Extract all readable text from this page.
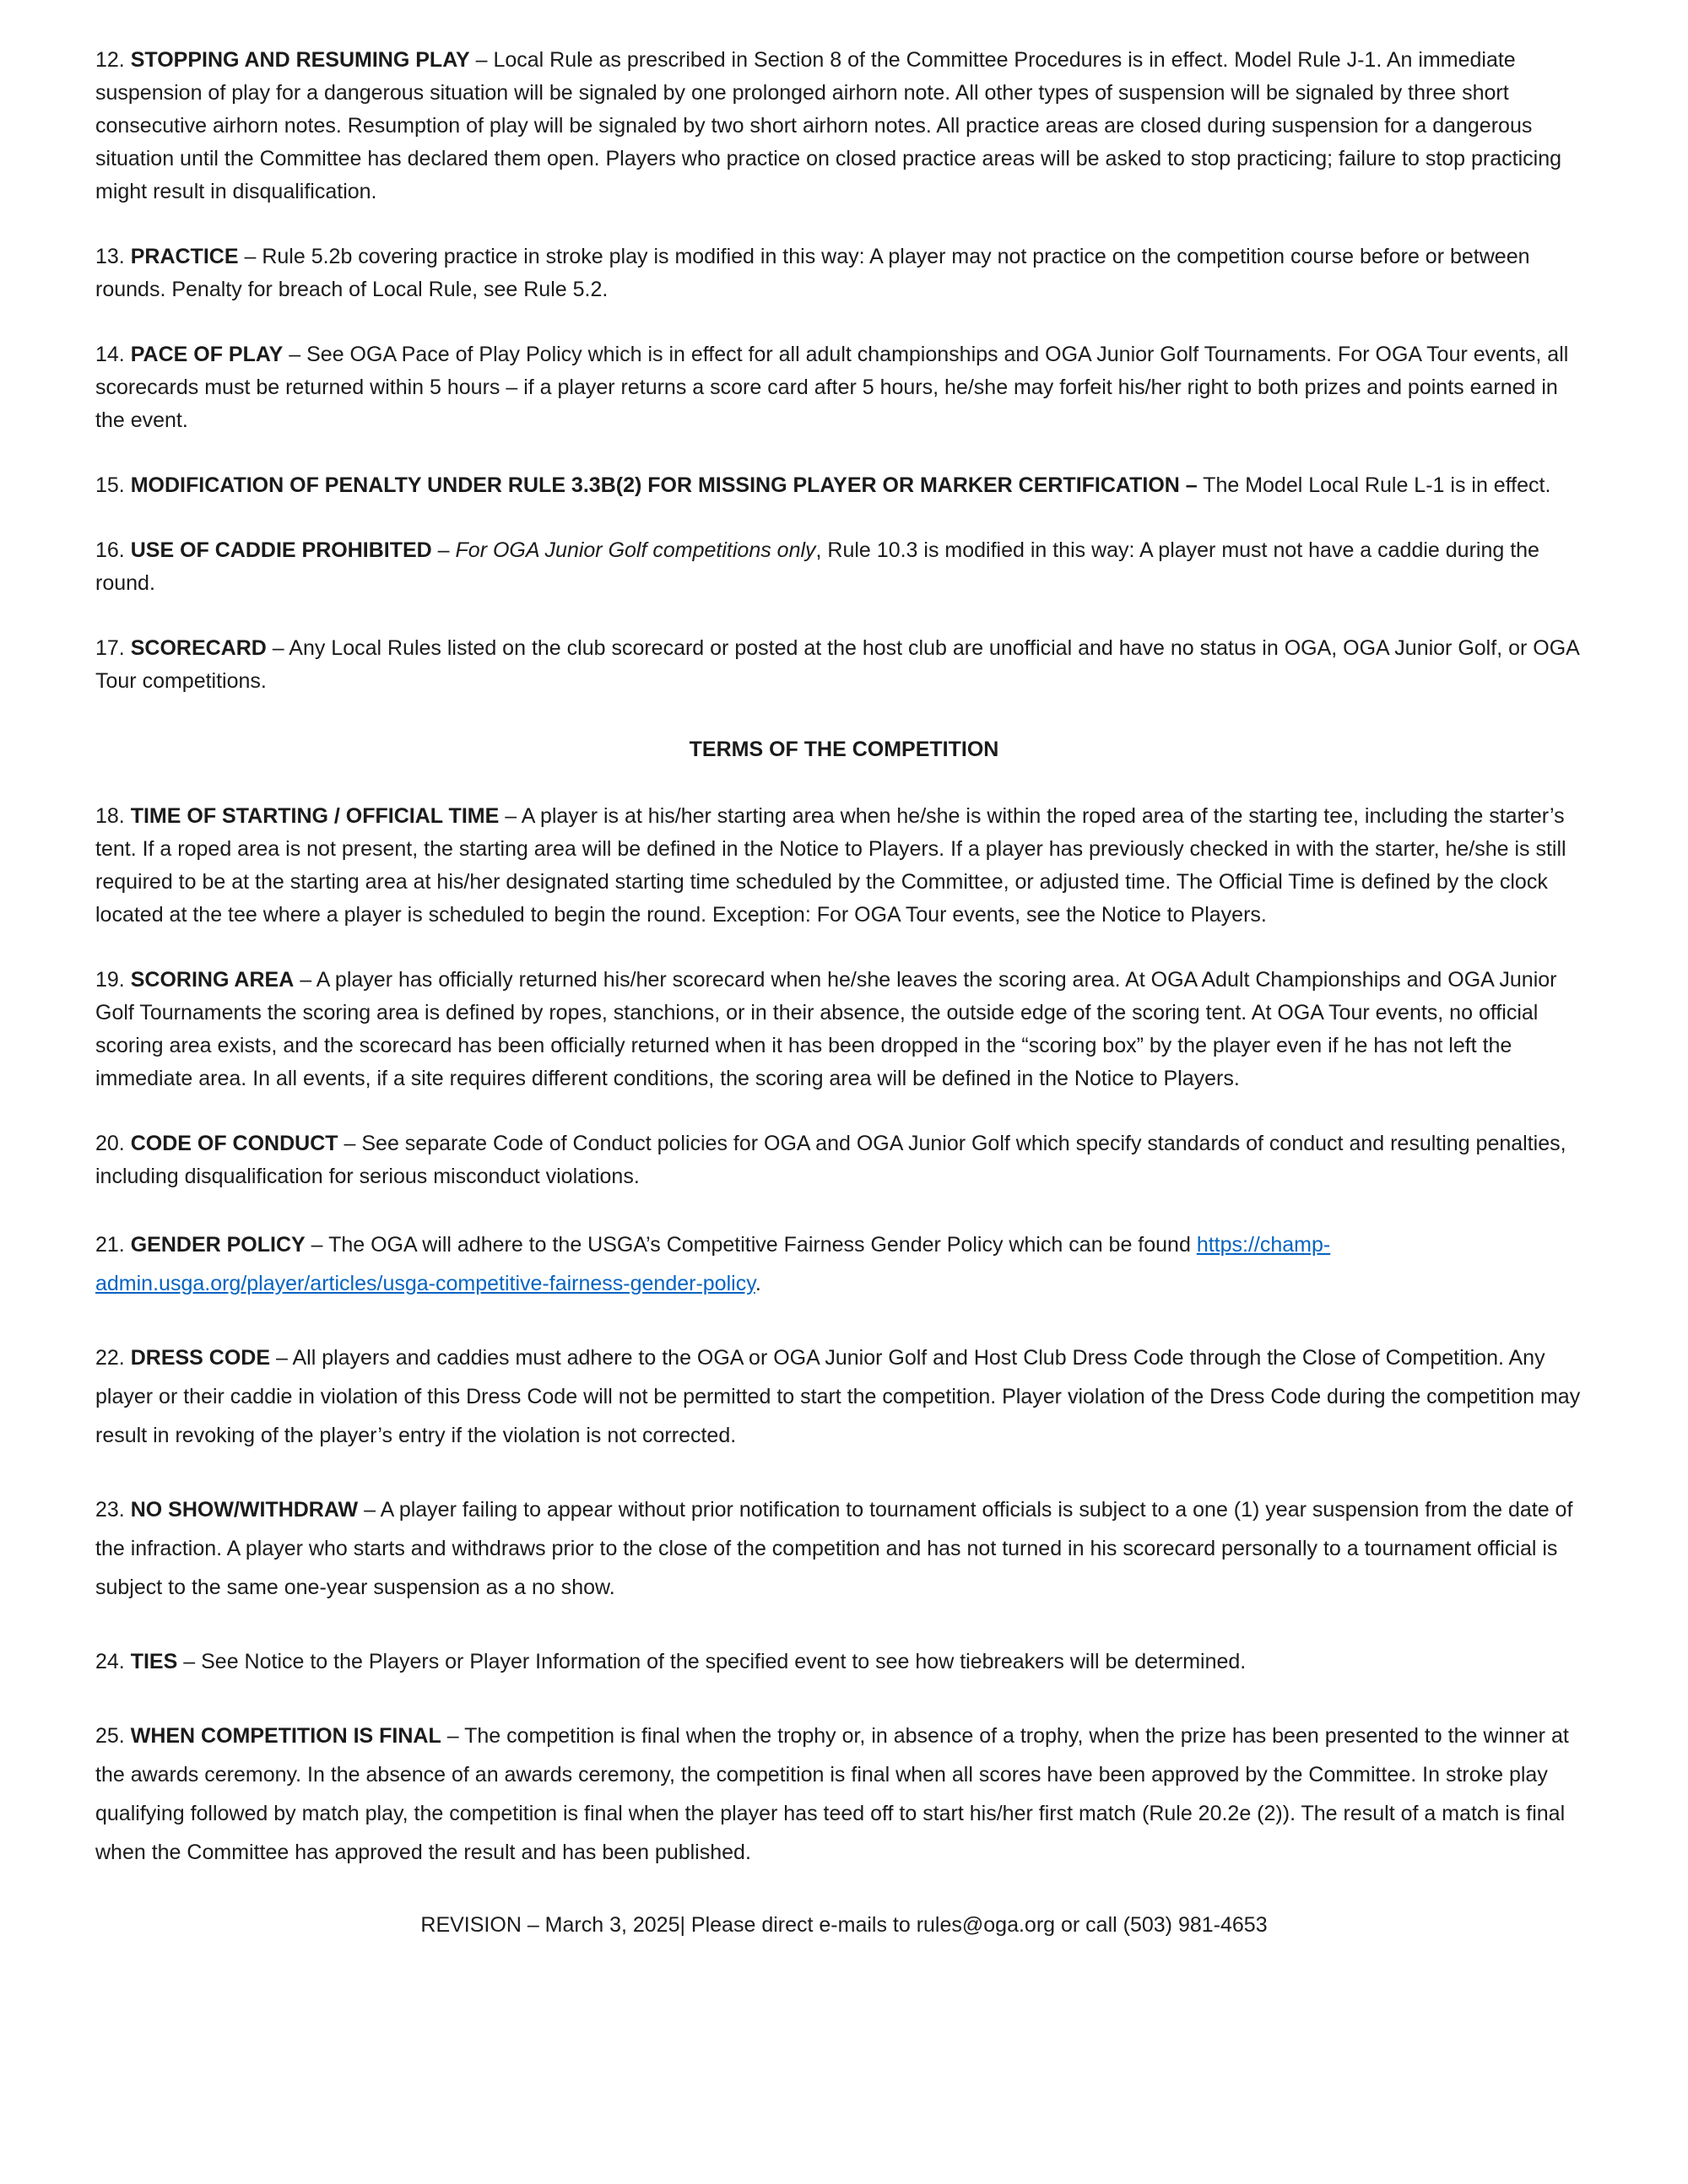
12. STOPPING AND RESUMING PLAY – Local Rule as prescribed in Section 8 of the Committee Procedures is in effect. Model Rule J-1. An immediate suspension of play for a dangerous situation will be signaled by one prolonged airhorn note. All other types of suspension will be signaled by three short consecutive airhorn notes. Resumption of play will be signaled by two short airhorn notes. All practice areas are closed during suspension for a dangerous situation until the Committee has declared them open. Players who practice on closed practice areas will be asked to stop practicing; failure to stop practicing might result in disqualification.

13. PRACTICE – Rule 5.2b covering practice in stroke play is modified in this way: A player may not practice on the competition course before or between rounds. Penalty for breach of Local Rule, see Rule 5.2.

14. PACE OF PLAY – See OGA Pace of Play Policy which is in effect for all adult championships and OGA Junior Golf Tournaments. For OGA Tour events, all scorecards must be returned within 5 hours – if a player returns a score card after 5 hours, he/she may forfeit his/her right to both prizes and points earned in the event.

15. MODIFICATION OF PENALTY UNDER RULE 3.3B(2) FOR MISSING PLAYER OR MARKER CERTIFICATION – The Model Local Rule L-1 is in effect.

16. USE OF CADDIE PROHIBITED – For OGA Junior Golf competitions only, Rule 10.3 is modified in this way: A player must not have a caddie during the round.

17. SCORECARD – Any Local Rules listed on the club scorecard or posted at the host club are unofficial and have no status in OGA, OGA Junior Golf, or OGA Tour competitions.

TERMS OF THE COMPETITION

18. TIME OF STARTING / OFFICIAL TIME – A player is at his/her starting area when he/she is within the roped area of the starting tee, including the starter’s tent. If a roped area is not present, the starting area will be defined in the Notice to Players. If a player has previously checked in with the starter, he/she is still required to be at the starting area at his/her designated starting time scheduled by the Committee, or adjusted time. The Official Time is defined by the clock located at the tee where a player is scheduled to begin the round. Exception: For OGA Tour events, see the Notice to Players.

19. SCORING AREA – A player has officially returned his/her scorecard when he/she leaves the scoring area. At OGA Adult Championships and OGA Junior Golf Tournaments the scoring area is defined by ropes, stanchions, or in their absence, the outside edge of the scoring tent. At OGA Tour events, no official scoring area exists, and the scorecard has been officially returned when it has been dropped in the “scoring box” by the player even if he has not left the immediate area. In all events, if a site requires different conditions, the scoring area will be defined in the Notice to Players.

20. CODE OF CONDUCT – See separate Code of Conduct policies for OGA and OGA Junior Golf which specify standards of conduct and resulting penalties, including disqualification for serious misconduct violations.

21. GENDER POLICY – The OGA will adhere to the USGA’s Competitive Fairness Gender Policy which can be found https://champ-admin.usga.org/player/articles/usga-competitive-fairness-gender-policy.

22. DRESS CODE – All players and caddies must adhere to the OGA or OGA Junior Golf and Host Club Dress Code through the Close of Competition. Any player or their caddie in violation of this Dress Code will not be permitted to start the competition. Player violation of the Dress Code during the competition may result in revoking of the player’s entry if the violation is not corrected.

23. NO SHOW/WITHDRAW – A player failing to appear without prior notification to tournament officials is subject to a one (1) year suspension from the date of the infraction. A player who starts and withdraws prior to the close of the competition and has not turned in his scorecard personally to a tournament official is subject to the same one-year suspension as a no show.

24. TIES – See Notice to the Players or Player Information of the specified event to see how tiebreakers will be determined.

25. WHEN COMPETITION IS FINAL – The competition is final when the trophy or, in absence of a trophy, when the prize has been presented to the winner at the awards ceremony. In the absence of an awards ceremony, the competition is final when all scores have been approved by the Committee. In stroke play qualifying followed by match play, the competition is final when the player has teed off to start his/her first match (Rule 20.2e (2)). The result of a match is final when the Committee has approved the result and has been published.

REVISION – March 3, 2025| Please direct e-mails to rules@oga.org or call (503) 981-4653
